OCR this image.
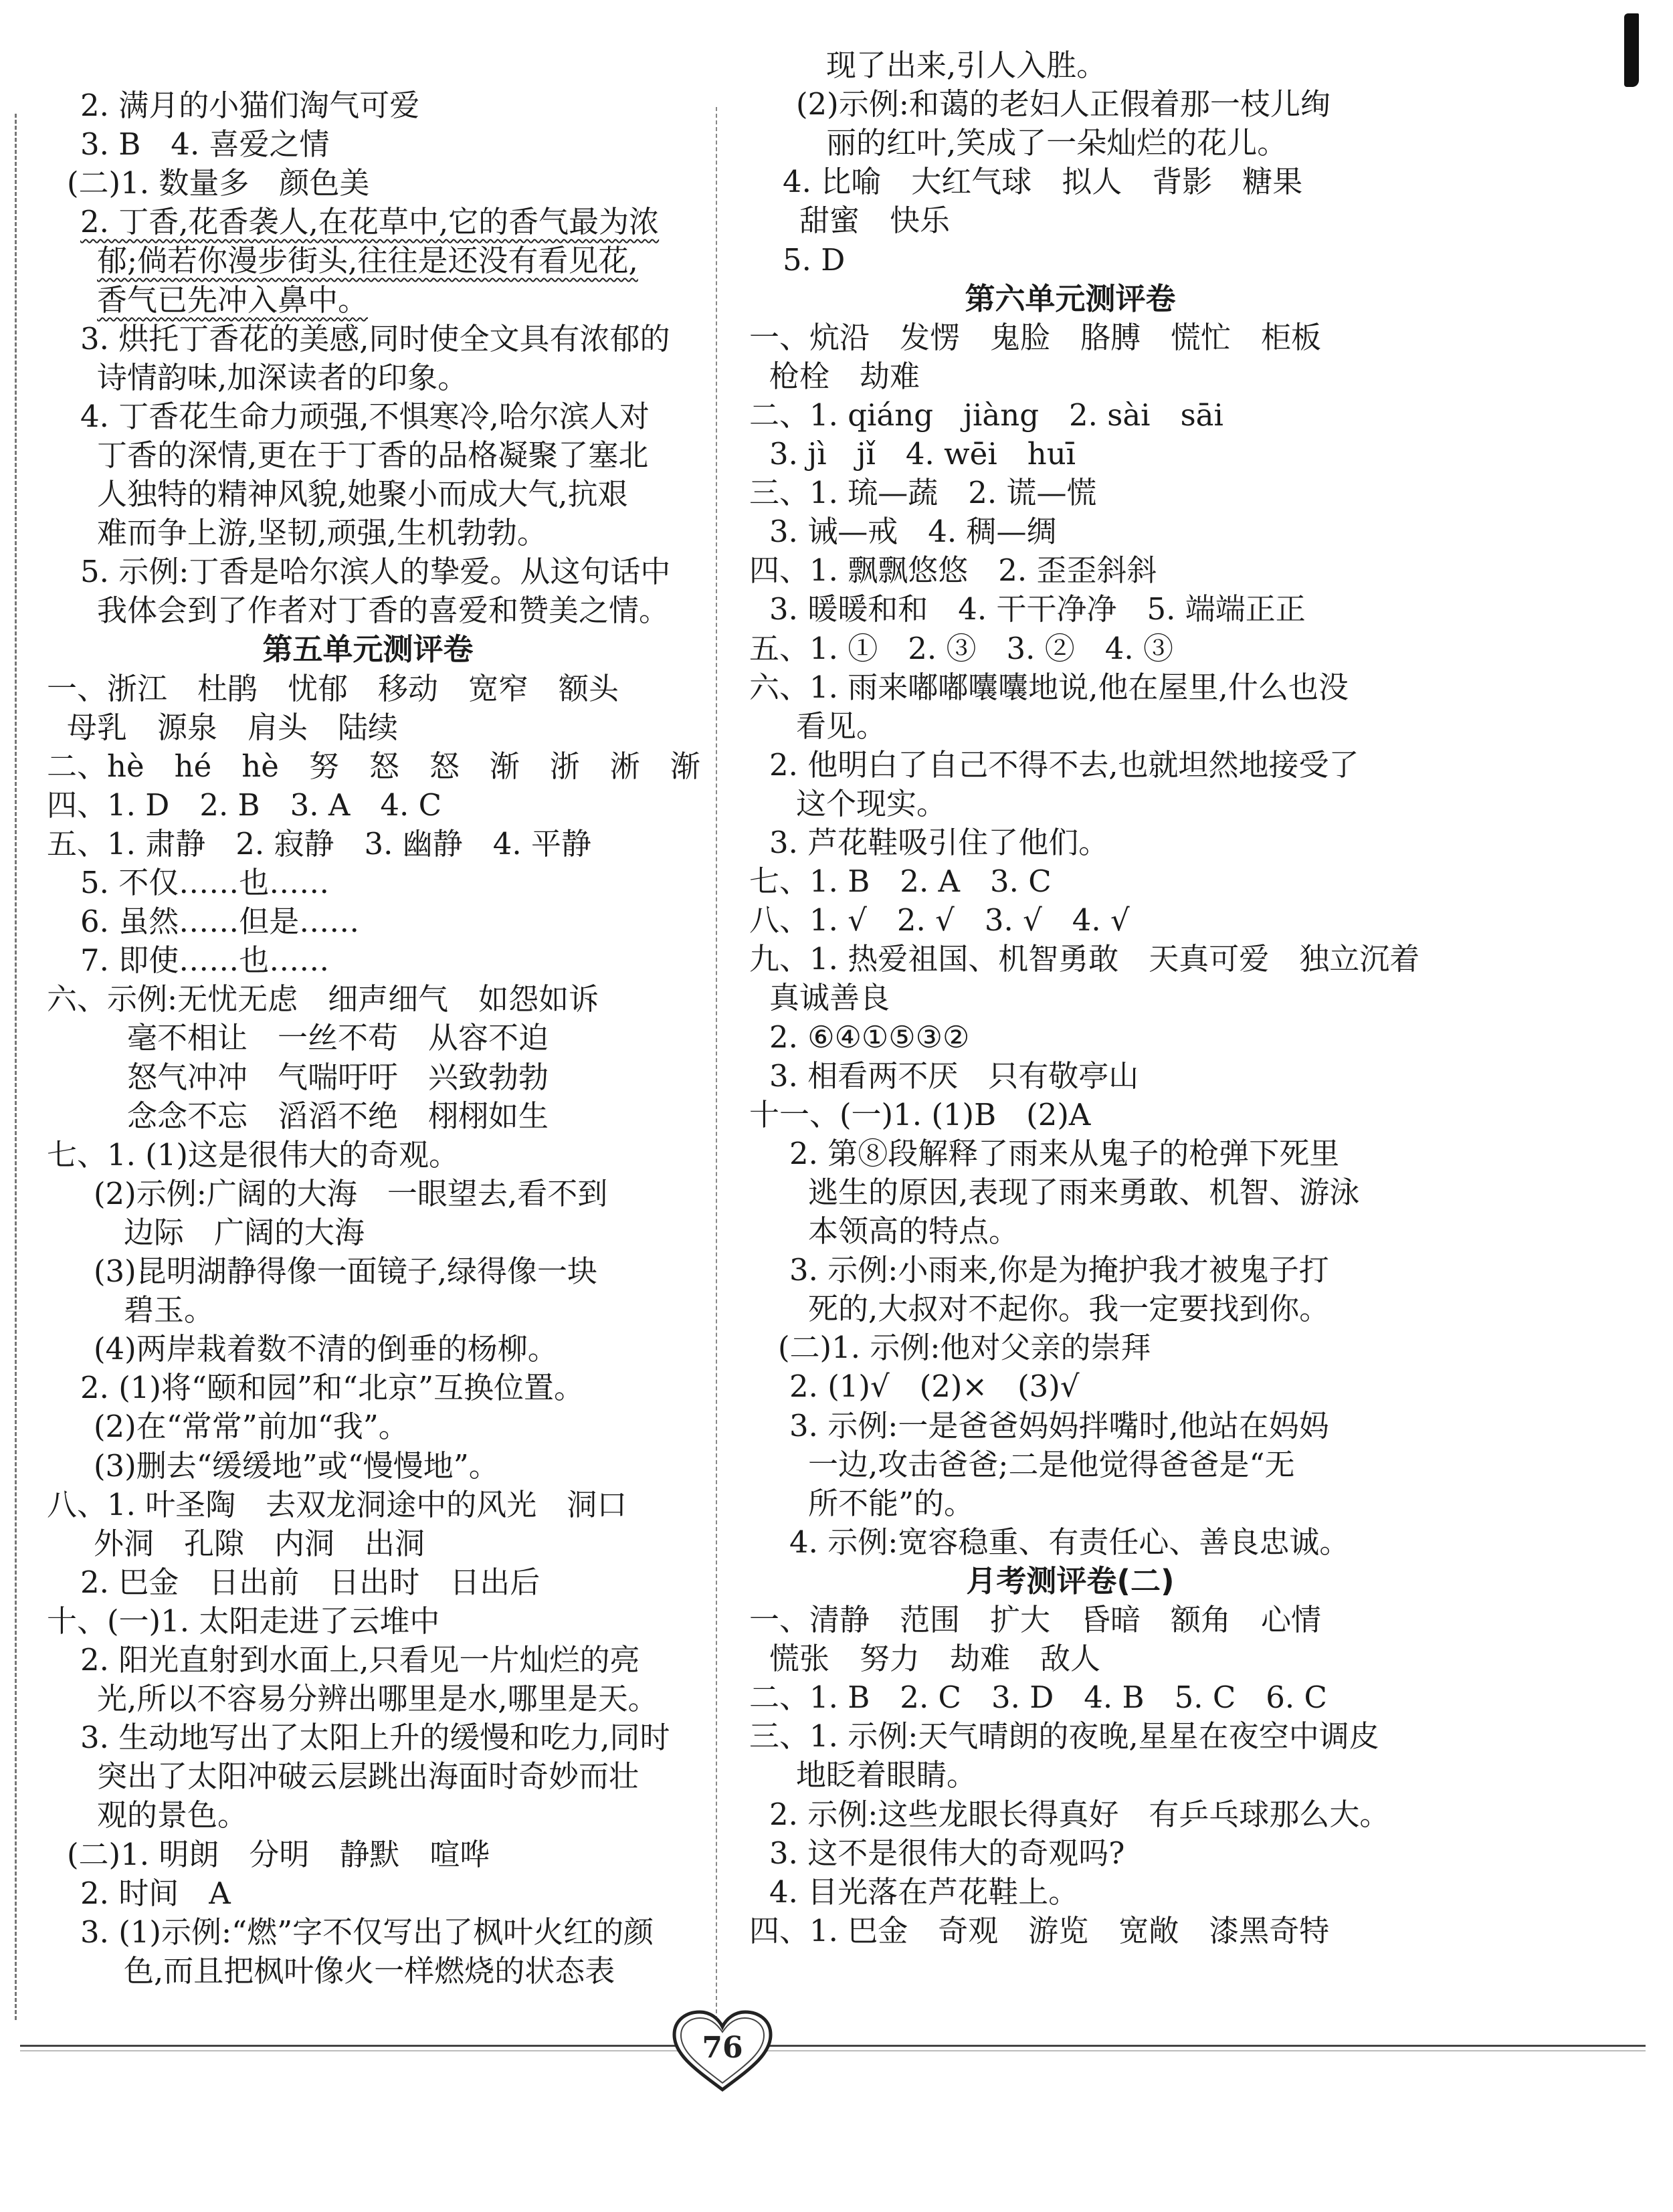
2. 满月的小猫们淘气可爱
3. B　4. 喜爱之情
(二)1. 数量多　颜色美
2. 丁香,花香袭人,在花草中,它的香气最为浓
郁;倘若你漫步街头,往往是还没有看见花,
香气已先冲入鼻中。
3. 烘托丁香花的美感,同时使全文具有浓郁的
诗情韵味,加深读者的印象。
4. 丁香花生命力顽强,不惧寒冷,哈尔滨人对
丁香的深情,更在于丁香的品格凝聚了塞北
人独特的精神风貌,她聚小而成大气,抗艰
难而争上游,坚韧,顽强,生机勃勃。
5. 示例:丁香是哈尔滨人的挚爱。从这句话中
我体会到了作者对丁香的喜爱和赞美之情。
第五单元测评卷
一、浙江　杜鹃　忧郁　移动　宽窄　额头
母乳　源泉　肩头　陆续
二、hè　hé　hè　努　怒　怒　渐　浙　淅　渐
四、1. D　2. B　3. A　4. C
五、1. 肃静　2. 寂静　3. 幽静　4. 平静
5. 不仅……也……
6. 虽然……但是……
7. 即使……也……
六、示例:无忧无虑　细声细气　如怨如诉
毫不相让　一丝不苟　从容不迫
怒气冲冲　气喘吁吁　兴致勃勃
念念不忘　滔滔不绝　栩栩如生
七、1. (1)这是很伟大的奇观。
(2)示例:广阔的大海　一眼望去,看不到
边际　广阔的大海
(3)昆明湖静得像一面镜子,绿得像一块
碧玉。
(4)两岸栽着数不清的倒垂的杨柳。
2. (1)将“颐和园”和“北京”互换位置。
(2)在“常常”前加“我”。
(3)删去“缓缓地”或“慢慢地”。
八、1. 叶圣陶　去双龙洞途中的风光　洞口
外洞　孔隙　内洞　出洞
2. 巴金　日出前　日出时　日出后
十、(一)1. 太阳走进了云堆中
2. 阳光直射到水面上,只看见一片灿烂的亮
光,所以不容易分辨出哪里是水,哪里是天。
3. 生动地写出了太阳上升的缓慢和吃力,同时
突出了太阳冲破云层跳出海面时奇妙而壮
观的景色。
(二)1. 明朗　分明　静默　喧哗
2. 时间　A
3. (1)示例:“燃”字不仅写出了枫叶火红的颜
色,而且把枫叶像火一样燃烧的状态表
现了出来,引人入胜。
(2)示例:和蔼的老妇人正假着那一枝儿绚
丽的红叶,笑成了一朵灿烂的花儿。
4. 比喻　大红气球　拟人　背影　糖果
甜蜜　快乐
5. D
第六单元测评卷
一、炕沿　发愣　鬼脸　胳膊　慌忙　柜板
枪栓　劫难
二、1. qiáng　jiàng　2. sài　sāi
3. jì　jǐ　4. wēi　huī
三、1. 琉—蔬　2. 谎—慌
3. 诫—戒　4. 稠—绸
四、1. 飘飘悠悠　2. 歪歪斜斜
3. 暖暖和和　4. 干干净净　5. 端端正正
五、1. ①　2. ③　3. ②　4. ③
六、1. 雨来嘟嘟囔囔地说,他在屋里,什么也没
看见。
2. 他明白了自己不得不去,也就坦然地接受了
这个现实。
3. 芦花鞋吸引住了他们。
七、1. B　2. A　3. C
八、1. √　2. √　3. √　4. √
九、1. 热爱祖国、机智勇敢　天真可爱　独立沉着
真诚善良
2. ⑥④①⑤③②
3. 相看两不厌　只有敬亭山
十一、(一)1. (1)B　(2)A
2. 第⑧段解释了雨来从鬼子的枪弹下死里
逃生的原因,表现了雨来勇敢、机智、游泳
本领高的特点。
3. 示例:小雨来,你是为掩护我才被鬼子打
死的,大叔对不起你。我一定要找到你。
(二)1. 示例:他对父亲的崇拜
2. (1)√　(2)×　(3)√
3. 示例:一是爸爸妈妈拌嘴时,他站在妈妈
一边,攻击爸爸;二是他觉得爸爸是“无
所不能”的。
4. 示例:宽容稳重、有责任心、善良忠诚。
月考测评卷(二)
一、清静　范围　扩大　昏暗　额角　心情
慌张　努力　劫难　敌人
二、1. B　2. C　3. D　4. B　5. C　6. C
三、1. 示例:天气晴朗的夜晚,星星在夜空中调皮
地眨着眼睛。
2. 示例:这些龙眼长得真好　有乒乓球那么大。
3. 这不是很伟大的奇观吗?
4. 目光落在芦花鞋上。
四、1. 巴金　奇观　游览　宽敞　漆黑奇特
76
